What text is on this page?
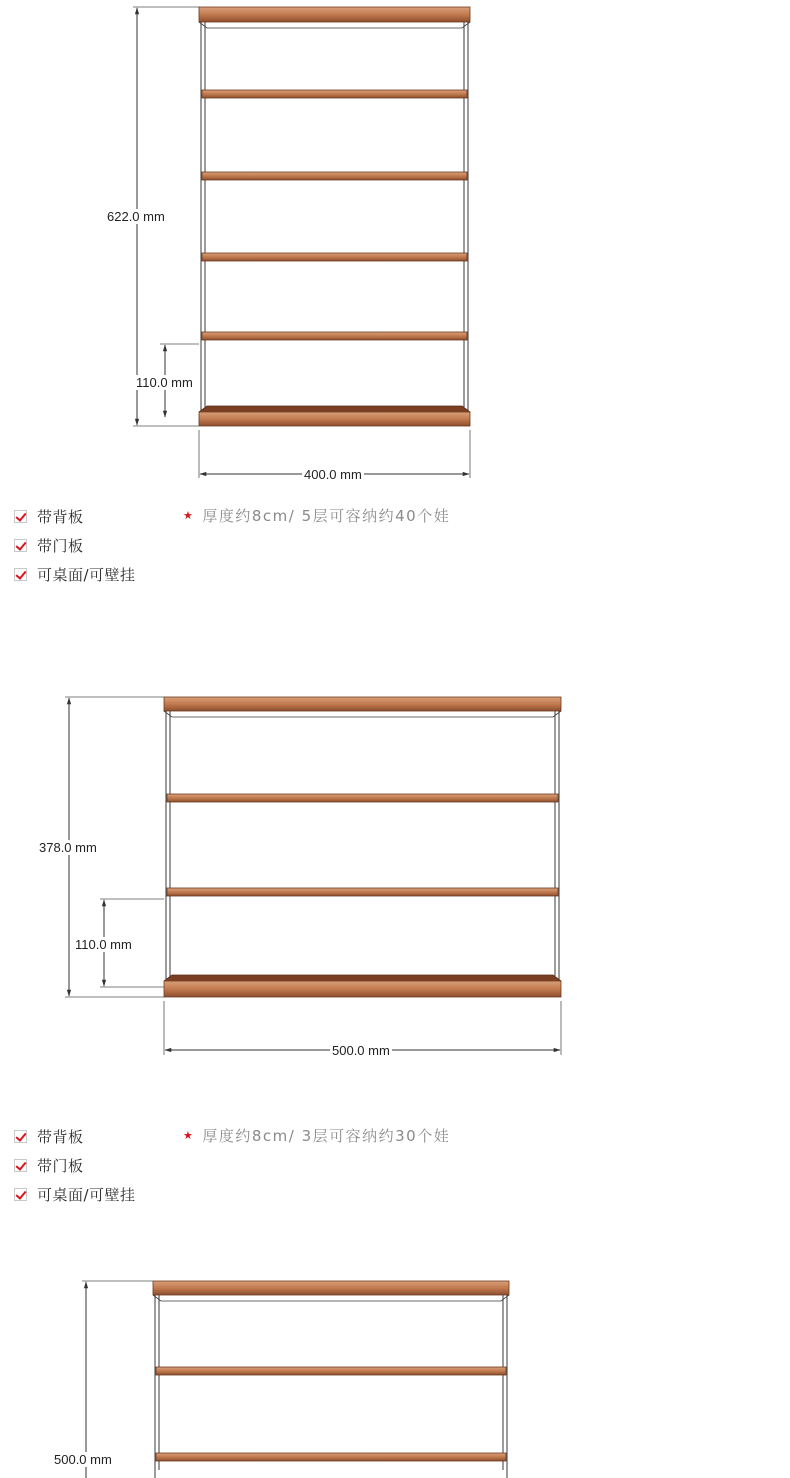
622.0 mm
110.0 mm
400.0 mm
带背板
带门板
可桌面/可壁挂
★ 厚度约8cm/ 5层可容纳约40个娃
378.0 mm
110.0 mm
500.0 mm
带背板
带门板
可桌面/可壁挂
★ 厚度约8cm/ 3层可容纳约30个娃
500.0 mm
